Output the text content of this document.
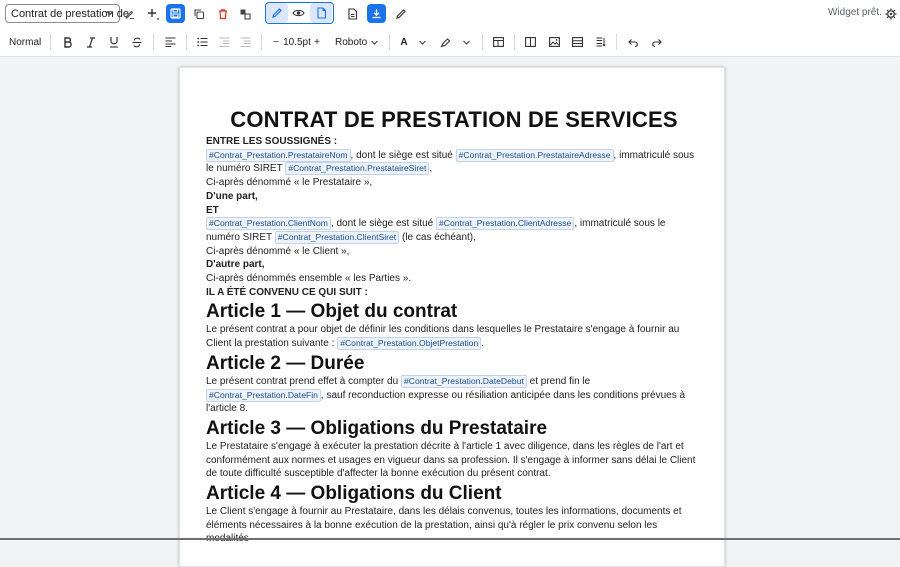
Contrat de prestation de	Widget prêt.
Normal	− 10.5pt + Roboto	A
CONTRAT DE PRESTATION DE SERVICES

ENTRE LES SOUSSIGNÉS :

#Contrat_Prestation.PrestataireNom , dont le siège est situé #Contrat_Prestation.PrestataireAdresse , immatriculé sous le numéro SIRET #Contrat_Prestation.PrestataireSiret ,

Ci-après dénommé « le Prestataire »,

D'une part,

ET

#Contrat_Prestation.ClientNom , dont le siège est situé #Contrat_Prestation.ClientAdresse , immatriculé sous le numéro SIRET #Contrat_Prestation.ClientSiret (le cas échéant),

Ci-après dénommé « le Client »,

D'autre part,

Ci-après dénommés ensemble « les Parties ».

IL A ÉTÉ CONVENU CE QUI SUIT :

Article 1 — Objet du contrat

Le présent contrat a pour objet de définir les conditions dans lesquelles le Prestataire s'engage à fournir au Client la prestation suivante : #Contrat_Prestation.ObjetPrestation .

Article 2 — Durée

Le présent contrat prend effet à compter du #Contrat_Prestation.DateDebut et prend fin le #Contrat_Prestation.DateFin , sauf reconduction expresse ou résiliation anticipée dans les conditions prévues à l'article 8.

Article 3 — Obligations du Prestataire

Le Prestataire s'engage à exécuter la prestation décrite à l'article 1 avec diligence, dans les règles de l'art et conformément aux normes et usages en vigueur dans sa profession. Il s'engage à informer sans délai le Client de toute difficulté susceptible d'affecter la bonne exécution du présent contrat.

Article 4 — Obligations du Client

Le Client s'engage à fournir au Prestataire, dans les délais convenus, toutes les informations, documents et éléments nécessaires à la bonne exécution de la prestation, ainsi qu'à régler le prix convenu selon les
